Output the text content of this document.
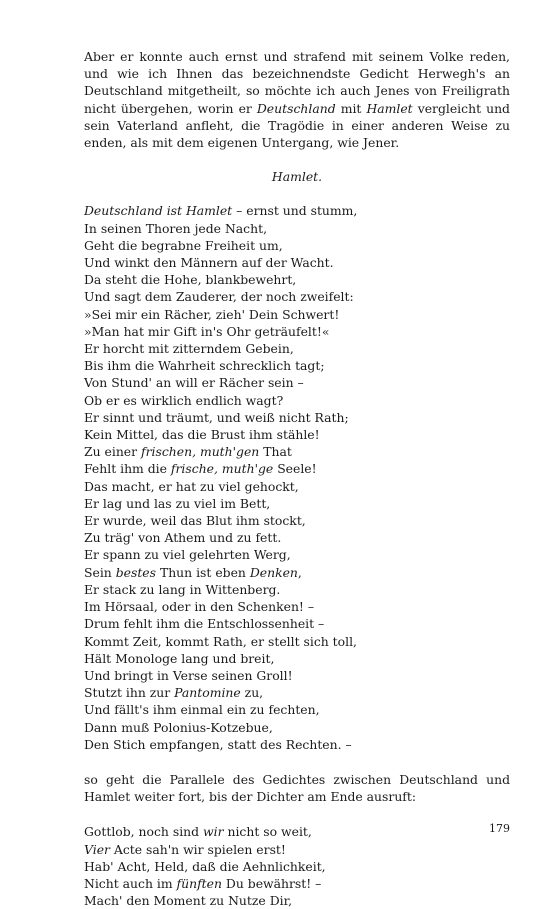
Aber er konnte auch ernst und strafend mit seinem Volke reden, und wie ich Ihnen das bezeichnendste Gedicht Herwegh's an Deutschland mitgetheilt, so möchte ich auch Jenes von Freiligrath nicht übergehen, worin er Deutschland mit Hamlet vergleicht und sein Vaterland anfleht, die Tragödie in einer anderen Weise zu enden, als mit dem eigenen Untergang, wie Jener.
Hamlet.
Deutschland ist Hamlet – ernst und stumm,
In seinen Thoren jede Nacht,
Geht die begrabne Freiheit um,
Und winkt den Männern auf der Wacht.
Da steht die Hohe, blankbewehrt,
Und sagt dem Zauderer, der noch zweifelt:
»Sei mir ein Rächer, zieh' Dein Schwert!
»Man hat mir Gift in's Ohr geträufelt!«
Er horcht mit zitterndem Gebein,
Bis ihm die Wahrheit schrecklich tagt;
Von Stund' an will er Rächer sein –
Ob er es wirklich endlich wagt?
Er sinnt und träumt, und weiß nicht Rath;
Kein Mittel, das die Brust ihm stähle!
Zu einer frischen, muth'gen That
Fehlt ihm die frische, muth'ge Seele!
Das macht, er hat zu viel gehockt,
Er lag und las zu viel im Bett,
Er wurde, weil das Blut ihm stockt,
Zu träg' von Athem und zu fett.
Er spann zu viel gelehrten Werg,
Sein bestes Thun ist eben Denken,
Er stack zu lang in Wittenberg.
Im Hörsaal, oder in den Schenken! –
Drum fehlt ihm die Entschlossenheit –
Kommt Zeit, kommt Rath, er stellt sich toll,
Hält Monologe lang und breit,
Und bringt in Verse seinen Groll!
Stutzt ihn zur Pantomine zu,
Und fällt's ihm einmal ein zu fechten,
Dann muß Polonius-Kotzebue,
Den Stich empfangen, statt des Rechten. –
so geht die Parallele des Gedichtes zwischen Deutschland und Hamlet weiter fort, bis der Dichter am Ende ausruft:
Gottlob, noch sind wir nicht so weit,
Vier Acte sah'n wir spielen erst!
Hab' Acht, Held, daß die Aehnlichkeit,
Nicht auch im fünften Du bewährst! –
Mach' den Moment zu Nutze Dir,
179
